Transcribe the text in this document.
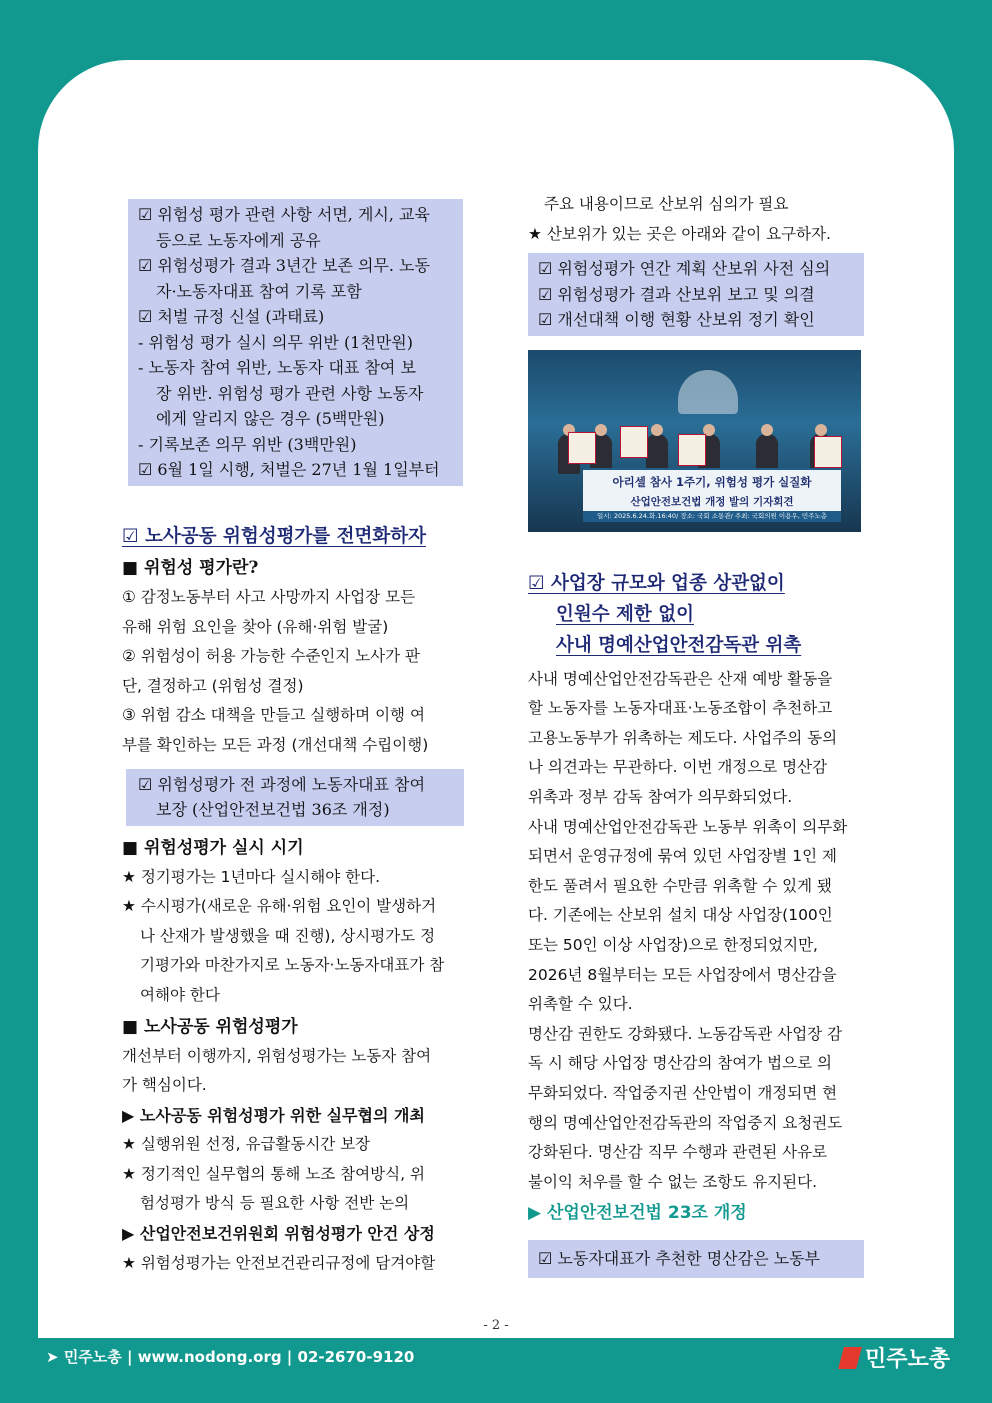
☑ 위험성 평가 관련 사항 서면, 게시, 교육
등으로 노동자에게 공유
☑ 위험성평가 결과 3년간 보존 의무. 노동
자·노동자대표 참여 기록 포함
☑ 처벌 규정 신설 (과태료)
- 위험성 평가 실시 의무 위반 (1천만원)
- 노동자 참여 위반, 노동자 대표 참여 보
장 위반. 위험성 평가 관련 사항 노동자
에게 알리지 않은 경우 (5백만원)
- 기록보존 의무 위반 (3백만원)
☑ 6월 1일 시행, 처벌은 27년 1월 1일부터
☑ 노사공동 위험성평가를 전면화하자
■ 위험성 평가란?
① 감정노동부터 사고 사망까지 사업장 모든
유해 위험 요인을 찾아 (유해·위험 발굴)
② 위험성이 허용 가능한 수준인지 노사가 판
단, 결정하고 (위험성 결정)
③ 위험 감소 대책을 만들고 실행하며 이행 여
부를 확인하는 모든 과정 (개선대책 수립이행)
☑ 위험성평가 전 과정에 노동자대표 참여
보장 (산업안전보건법 36조 개정)
■ 위험성평가 실시 시기
★ 정기평가는 1년마다 실시해야 한다.
★ 수시평가(새로운 유해·위험 요인이 발생하거
나 산재가 발생했을 때 진행), 상시평가도 정
기평가와 마찬가지로 노동자·노동자대표가 참
여해야 한다
■ 노사공동 위험성평가
개선부터 이행까지, 위험성평가는 노동자 참여
가 핵심이다.
▶ 노사공동 위험성평가 위한 실무협의 개최
★ 실행위원 선정, 유급활동시간 보장
★ 정기적인 실무협의 통해 노조 참여방식, 위
험성평가 방식 등 필요한 사항 전반 논의
▶ 산업안전보건위원회 위험성평가 안건 상정
★ 위험성평가는 안전보건관리규정에 담겨야할
주요 내용이므로 산보위 심의가 필요
★ 산보위가 있는 곳은 아래와 같이 요구하자.
☑ 위험성평가 연간 계획 산보위 사전 심의
☑ 위험성평가 결과 산보위 보고 및 의결
☑ 개선대책 이행 현황 산보위 정기 확인
아리셀 참사 1주기, 위험성 평가 실질화
산업안전보건법 개정 발의 기자회견
일시: 2025.6.24.화.16:40/ 장소: 국회 소통관/ 주최: 국회의원 이용우, 민주노총
☑ 사업장 규모와 업종 상관없이
인원수 제한 없이
사내 명예산업안전감독관 위촉
사내 명예산업안전감독관은 산재 예방 활동을
할 노동자를 노동자대표·노동조합이 추천하고
고용노동부가 위촉하는 제도다. 사업주의 동의
나 의견과는 무관하다. 이번 개정으로 명산감
위촉과 정부 감독 참여가 의무화되었다.
사내 명예산업안전감독관 노동부 위촉이 의무화
되면서 운영규정에 묶여 있던 사업장별 1인 제
한도 풀려서 필요한 수만큼 위촉할 수 있게 됐
다. 기존에는 산보위 설치 대상 사업장(100인
또는 50인 이상 사업장)으로 한정되었지만,
2026년 8월부터는 모든 사업장에서 명산감을
위촉할 수 있다.
명산감 권한도 강화됐다. 노동감독관 사업장 감
독 시 해당 사업장 명산감의 참여가 법으로 의
무화되었다. 작업중지권 산안법이 개정되면 현
행의 명예산업안전감독관의 작업중지 요청권도
강화된다. 명산감 직무 수행과 관련된 사유로
불이익 처우를 할 수 없는 조항도 유지된다.
▶ 산업안전보건법 23조 개정
☑ 노동자대표가 추천한 명산감은 노동부
- 2 -
➤ 민주노총 | www.nodong.org | 02-2670-9120	민주노총
